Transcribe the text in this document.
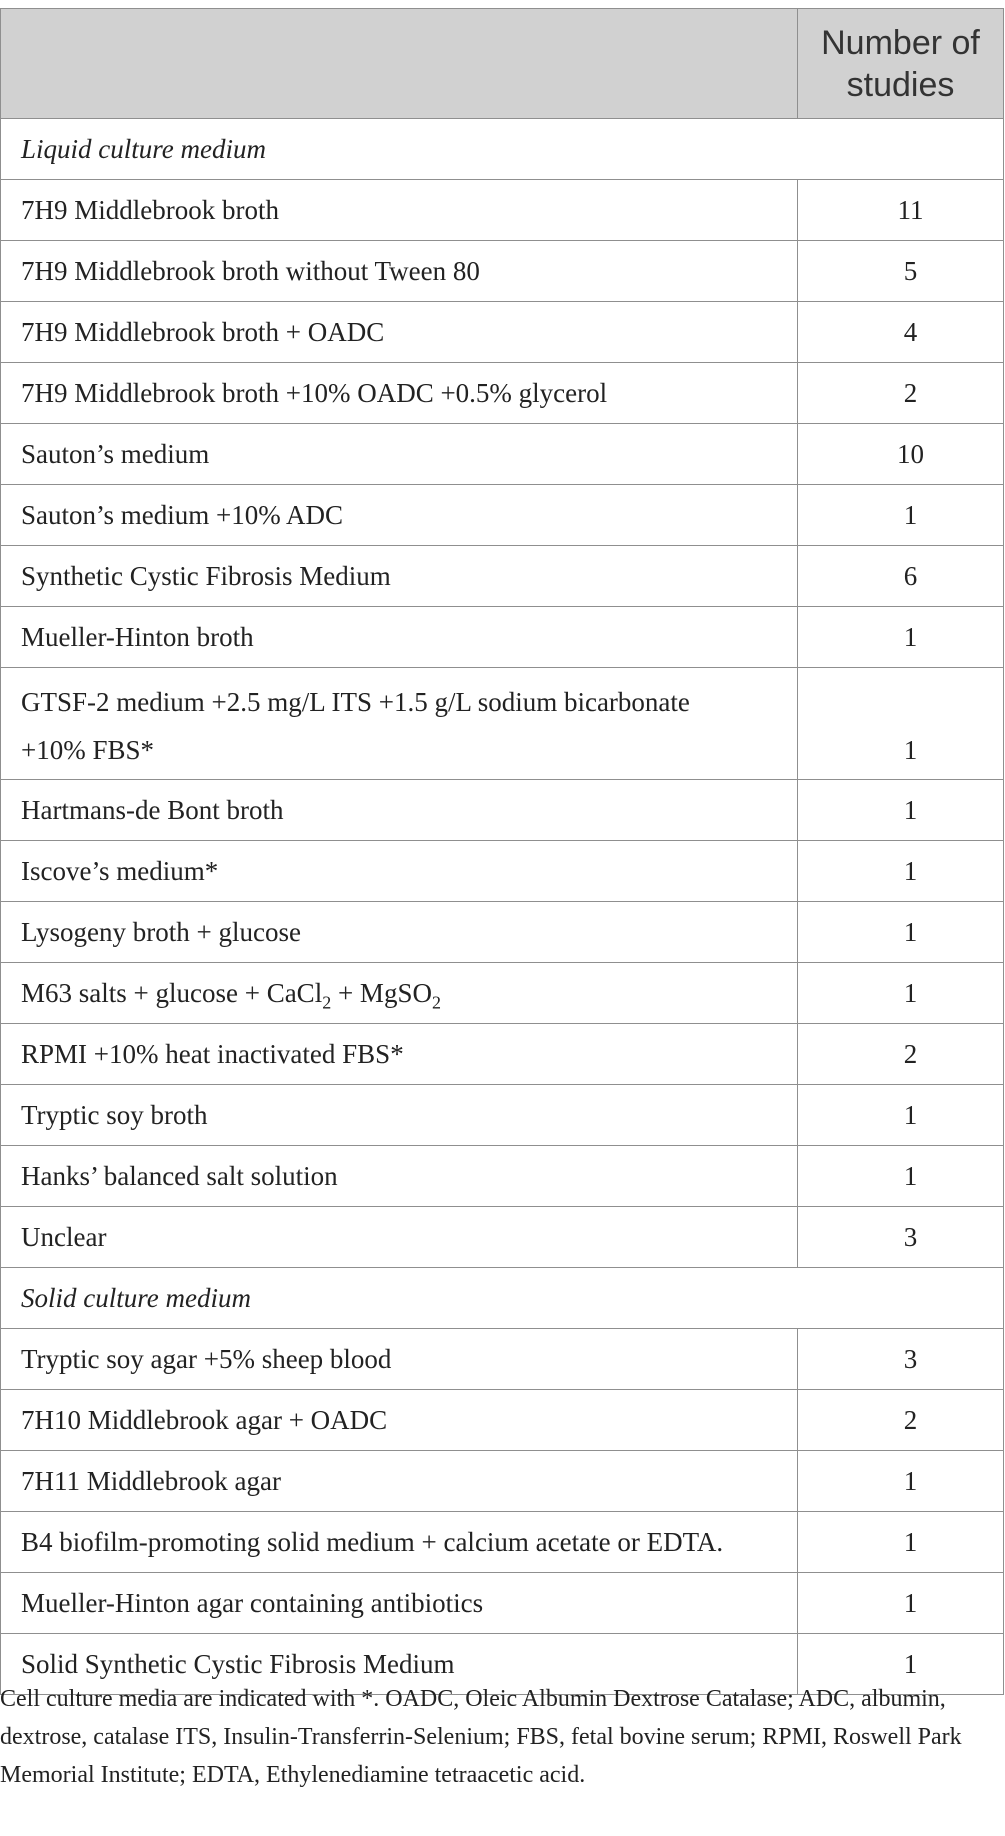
	Number of studies
Liquid culture medium	
7H9 Middlebrook broth	11
7H9 Middlebrook broth without Tween 80	5
7H9 Middlebrook broth + OADC	4
7H9 Middlebrook broth +10% OADC +0.5% glycerol	2
Sauton’s medium	10
Sauton’s medium +10% ADC	1
Synthetic Cystic Fibrosis Medium	6
Mueller-Hinton broth	1
GTSF-2 medium +2.5 mg/L ITS +1.5 g/L sodium bicarbonate
+10% FBS*	1
Hartmans-de Bont broth	1
Iscove’s medium*	1
Lysogeny broth + glucose	1
M63 salts + glucose + CaCl$_2$ + MgSO$_2$	1
RPMI +10% heat inactivated FBS*	2
Tryptic soy broth	1
Hanks’ balanced salt solution	1
Unclear	3
Solid culture medium	
Tryptic soy agar +5% sheep blood	3
7H10 Middlebrook agar + OADC	2
7H11 Middlebrook agar	1
B4 biofilm-promoting solid medium + calcium acetate or EDTA.	1
Mueller-Hinton agar containing antibiotics	1
Solid Synthetic Cystic Fibrosis Medium	1
Cell culture media are indicated with *. OADC, Oleic Albumin Dextrose Catalase; ADC, albumin, dextrose, catalase ITS, Insulin-Transferrin-Selenium; FBS, fetal bovine serum; RPMI, Roswell Park Memorial Institute; EDTA, Ethylenediamine tetraacetic acid.
